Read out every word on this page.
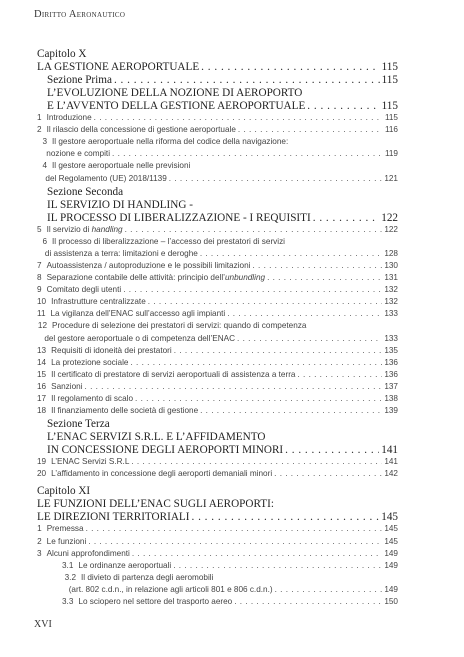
Diritto Aeronautico
Capitolo X
LA GESTIONE AEROPORTUALE . . .	115
Sezione Prima . . .	115
L’EVOLUZIONE DELLA NOZIONE DI AEROPORTO
E L’AVVENTO DELLA GESTIONE AEROPORTUALE . . .	115
1 Introduzione . . .	115
2 Il rilascio della concessione di gestione aeroportuale . . .	116
3 Il gestore aeroportuale nella riforma del codice della navigazione:
nozione e compiti . . .	119
4 Il gestore aeroportuale nelle previsioni
del Regolamento (UE) 2018/1139 . . .	121
Sezione Seconda
IL SERVIZIO DI HANDLING -
IL PROCESSO DI LIBERALIZZAZIONE - I REQUISITI . . .	122
5 Il servizio di handling . . .	122
6 Il processo di liberalizzazione – l’accesso dei prestatori di servizi
di assistenza a terra: limitazioni e deroghe . . .	128
7 Autoassistenza / autoproduzione e le possibili limitazioni . . .	130
8 Separazione contabile delle attività: principio dell’unbundling . . .	131
9 Comitato degli utenti . . .	132
10 Infrastrutture centralizzate . . .	132
11 La vigilanza dell’ENAC sull’accesso agli impianti . . .	133
12 Procedure di selezione dei prestatori di servizi: quando di competenza
del gestore aeroportuale o di competenza dell’ENAC . . .	133
13 Requisiti di idoneità dei prestatori . . .	135
14 La protezione sociale . . .	136
15 Il certificato di prestatore di servizi aeroportuali di assistenza a terra . . .	136
16 Sanzioni . . .	137
17 Il regolamento di scalo . . .	138
18 Il finanziamento delle società di gestione . . .	139
Sezione Terza
L’ENAC SERVIZI S.R.L. E L’AFFIDAMENTO
IN CONCESSIONE DEGLI AEROPORTI MINORI . . .	141
19 L’ENAC Servizi S.R.L . . .	141
20 L’affidamento in concessione degli aeroporti demaniali minori . . .	142
Capitolo XI
LE FUNZIONI DELL’ENAC SUGLI AEROPORTI:
LE DIREZIONI TERRITORIALI . . .	145
1 Premessa . . .	145
2 Le funzioni . . .	145
3 Alcuni approfondimenti . . .	149
3.1 Le ordinanze aeroportuali . . .	149
3.2 Il divieto di partenza degli aeromobili
(art. 802 c.d.n., in relazione agli articoli 801 e 806 c.d.n.) . . .	149
3.3 Lo sciopero nel settore del trasporto aereo . . .	150
XVI
